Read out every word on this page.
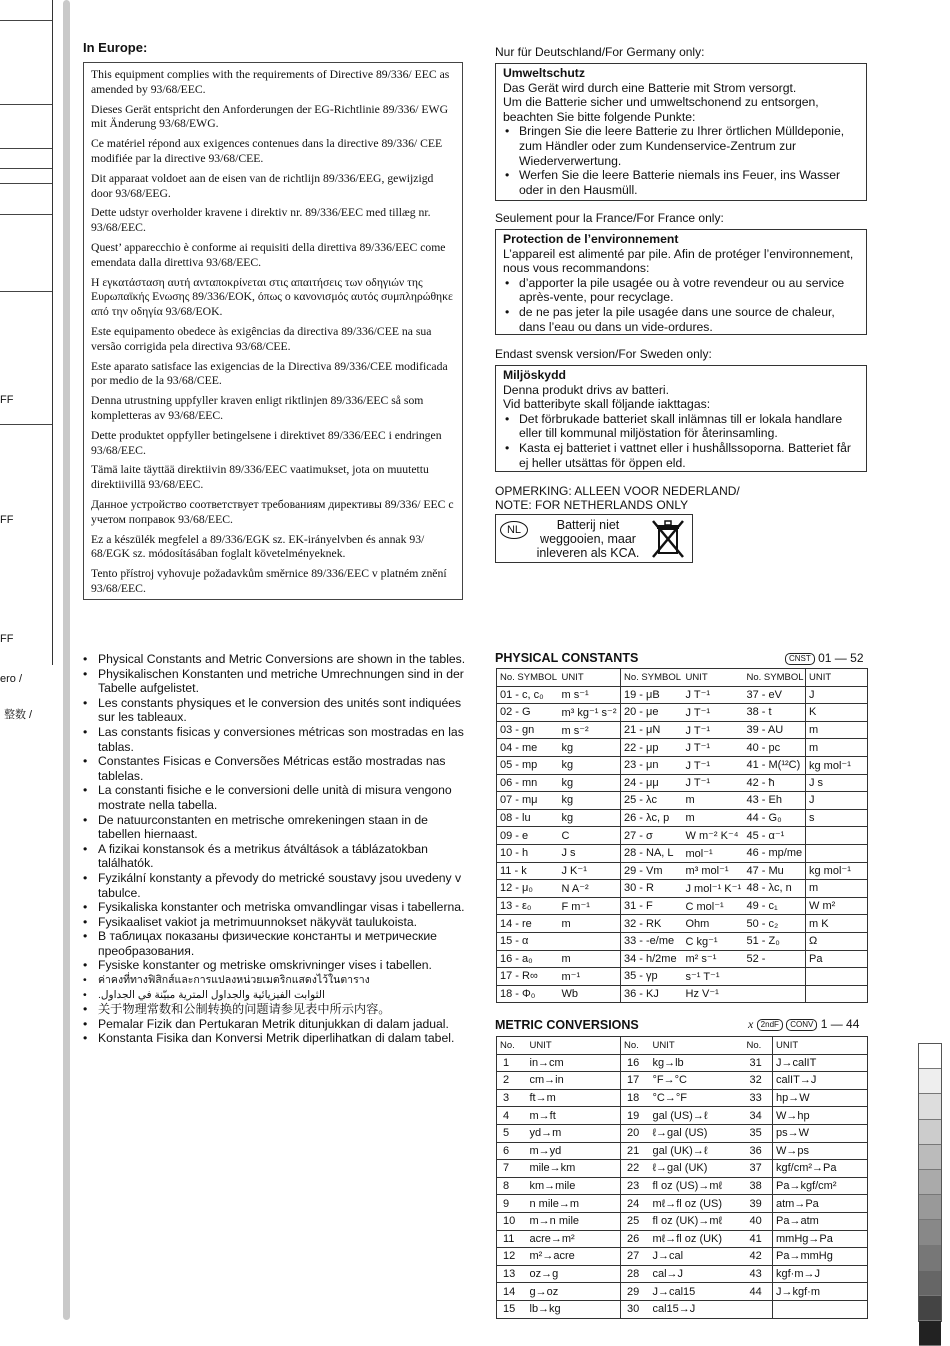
FF
FF
FF
ero /
整数 /
In Europe:

This equipment complies with the requirements of Directive 89/336/ EEC as amended by 93/68/EEC.

Dieses Gerät entspricht den Anforderungen der EG-Richtlinie 89/336/ EWG mit Änderung 93/68/EWG.

Ce matériel répond aux exigences contenues dans la directive 89/336/ CEE modifiée par la directive 93/68/CEE.

Dit apparaat voldoet aan de eisen van de richtlijn 89/336/EEG, gewijzigd door 93/68/EEG.

Dette udstyr overholder kravene i direktiv nr. 89/336/EEC med tillæg nr. 93/68/EEC.

Quest’ apparecchio è conforme ai requisiti della direttiva 89/336/EEC come emendata dalla direttiva 93/68/EEC.

Η εγκατάσταση αυτή ανταποκρίνεται στις απαιτήσεις των οδηγιών της Ευρωπαϊκής Ενωσης 89/336/ΕΟΚ, όπως ο κανονισμός αυτός συμπληρώθηκε από την οδηγία 93/68/ΕΟΚ.

Este equipamento obedece às exigências da directiva 89/336/CEE na sua versão corrigida pela directiva 93/68/CEE.

Este aparato satisface las exigencias de la Directiva 89/336/CEE modificada por medio de la 93/68/CEE.

Denna utrustning uppfyller kraven enligt riktlinjen 89/336/EEC så som kompletteras av 93/68/EEC.

Dette produktet oppfyller betingelsene i direktivet 89/336/EEC i endringen 93/68/EEC.

Tämä laite täyttää direktiivin 89/336/EEC vaatimukset, jota on muutettu direktiivillä 93/68/EEC.

Данное устройство соответствует требованиям директивы 89/336/ ЕЕС с учетом поправок 93/68/ЕЕС.

Ez a készülék megfelel a 89/336/EGK sz. EK-irányelvben és annak 93/ 68/EGK sz. módosításában foglalt követelményeknek.

Tento přístroj vyhovuje požadavkům směrnice 89/336/EEC v platném znění 93/68/EEC.

Nur für Deutschland/For Germany only:
Umweltschutz
Das Gerät wird durch eine Batterie mit Strom versorgt.
Um die Batterie sicher und umweltschonend zu entsorgen, beachten Sie bitte folgende Punkte:
• Bringen Sie die leere Batterie zu Ihrer örtlichen Mülldeponie, zum Händler oder zum Kundenservice-Zentrum zur Wiederverwertung.
• Werfen Sie die leere Batterie niemals ins Feuer, ins Wasser oder in den Hausmüll.
Seulement pour la France/For France only:
Protection de l’environnement
L’appareil est alimenté par pile. Afin de protéger l’environnement, nous vous recommandons:
• d’apporter la pile usagée ou à votre revendeur ou au service après-vente, pour recyclage.
• de ne pas jeter la pile usagée dans une source de chaleur, dans l’eau ou dans un vide-ordures.
Endast svensk version/For Sweden only:
Miljöskydd
Denna produkt drivs av batteri.
Vid batteribyte skall följande iakttagas:
• Det förbrukade batteriet skall inlämnas till er lokala handlare eller till kommunal miljöstation för återinsamling.
• Kasta ej batteriet i vattnet eller i hushållssoporna. Batteriet får ej heller utsättas för öppen eld.
OPMERKING: ALLEEN VOOR NEDERLAND/
NOTE: FOR NETHERLANDS ONLY
NL	Batterij niet weggooien, maar inleveren als KCA.
• Physical Constants and Metric Conversions are shown in the tables.
• Physikalischen Konstanten und metriche Umrechnungen sind in der Tabelle aufgelistet.
• Les constants physiques et le conversion des unités sont indiquées sur les tableaux.
• Las constants fisicas y conversiones métricas son mostradas en las tablas.
• Constantes Fisicas e Conversões Métricas estão mostradas nas tablelas.
• La constanti fisiche e le conversioni delle unità di misura vengono mostrate nella tabella.
• De natuurconstanten en metrische omrekeningen staan in de tabellen hiernaast.
• A fizikai konstansok és a metrikus átváltások a táblázatokban találhatók.
• Fyzikální konstanty a převody do metrické soustavy jsou uvedeny v tabulce.
• Fysikaliska konstanter och metriska omvandlingar visas i tabellerna.
• Fysikaaliset vakiot ja metrimuunnokset näkyvät taulukoista.
• В таблицах показаны физические константы и метрические преобразования.
• Fysiske konstanter og metriske omskrivninger vises i tabellen.
• ค่าคงที่ทางฟิสิกส์และการแปลงหน่วยเมตริกแสดงไว้ในตาราง
• الثوابت الفيزيائية والجداول المترية مبيّنة في الجداول.
• 关于物理常数和公制转换的问题请参见表中所示内容。
• Pemalar Fizik dan Pertukaran Metrik ditunjukkan di dalam jadual.
• Konstanta Fisika dan Konversi Metrik diperlihatkan di dalam tabel.
PHYSICAL CONSTANTS	CNST 01 — 52
No. SYMBOL	UNIT	No. SYMBOL	UNIT	No. SYMBOL	UNIT
01 - c, c₀	m s⁻¹	19 - μB	J T⁻¹	37 - eV	J
02 - G	m³ kg⁻¹ s⁻²	20 - μe	J T⁻¹	38 - t	K
03 - gn	m s⁻²	21 - μN	J T⁻¹	39 - AU	m
04 - me	kg	22 - μp	J T⁻¹	40 - pc	m
05 - mp	kg	23 - μn	J T⁻¹	41 - M(¹²C)	kg mol⁻¹
06 - mn	kg	24 - μμ	J T⁻¹	42 - ħ	J s
07 - mμ	kg	25 - λc	m	43 - Eh	J
08 - lu	kg	26 - λc, p	m	44 - G₀	s
09 - e	C	27 - σ	W m⁻² K⁻⁴	45 - α⁻¹	
10 - h	J s	28 - NA, L	mol⁻¹	46 - mp/me	
11 - k	J K⁻¹	29 - Vm	m³ mol⁻¹	47 - Mu	kg mol⁻¹
12 - μ₀	N A⁻²	30 - R	J mol⁻¹ K⁻¹	48 - λc, n	m
13 - ε₀	F m⁻¹	31 - F	C mol⁻¹	49 - c₁	W m²
14 - re	m	32 - RK	Ohm	50 - c₂	m K
15 - α		33 - -e/me	C kg⁻¹	51 - Z₀	Ω
16 - a₀	m	34 - h/2me	m² s⁻¹	52 -	Pa
17 - R∞	m⁻¹	35 - γp	s⁻¹ T⁻¹		
18 - Φ₀	Wb	36 - KJ	Hz V⁻¹		
METRIC CONVERSIONS	x 2ndF CONV 1 — 44
No.	UNIT	No.	UNIT	No.	UNIT
1	in→cm	16	kg→lb	31	J→calIT
2	cm→in	17	°F→°C	32	calIT→J
3	ft→m	18	°C→°F	33	hp→W
4	m→ft	19	gal (US)→ℓ	34	W→hp
5	yd→m	20	ℓ→gal (US)	35	ps→W
6	m→yd	21	gal (UK)→ℓ	36	W→ps
7	mile→km	22	ℓ→gal (UK)	37	kgf/cm²→Pa
8	km→mile	23	fl oz (US)→mℓ	38	Pa→kgf/cm²
9	n mile→m	24	mℓ→fl oz (US)	39	atm→Pa
10	m→n mile	25	fl oz (UK)→mℓ	40	Pa→atm
11	acre→m²	26	mℓ→fl oz (UK)	41	mmHg→Pa
12	m²→acre	27	J→cal	42	Pa→mmHg
13	oz→g	28	cal→J	43	kgf·m→J
14	g→oz	29	J→cal15	44	J→kgf·m
15	lb→kg	30	cal15→J		
